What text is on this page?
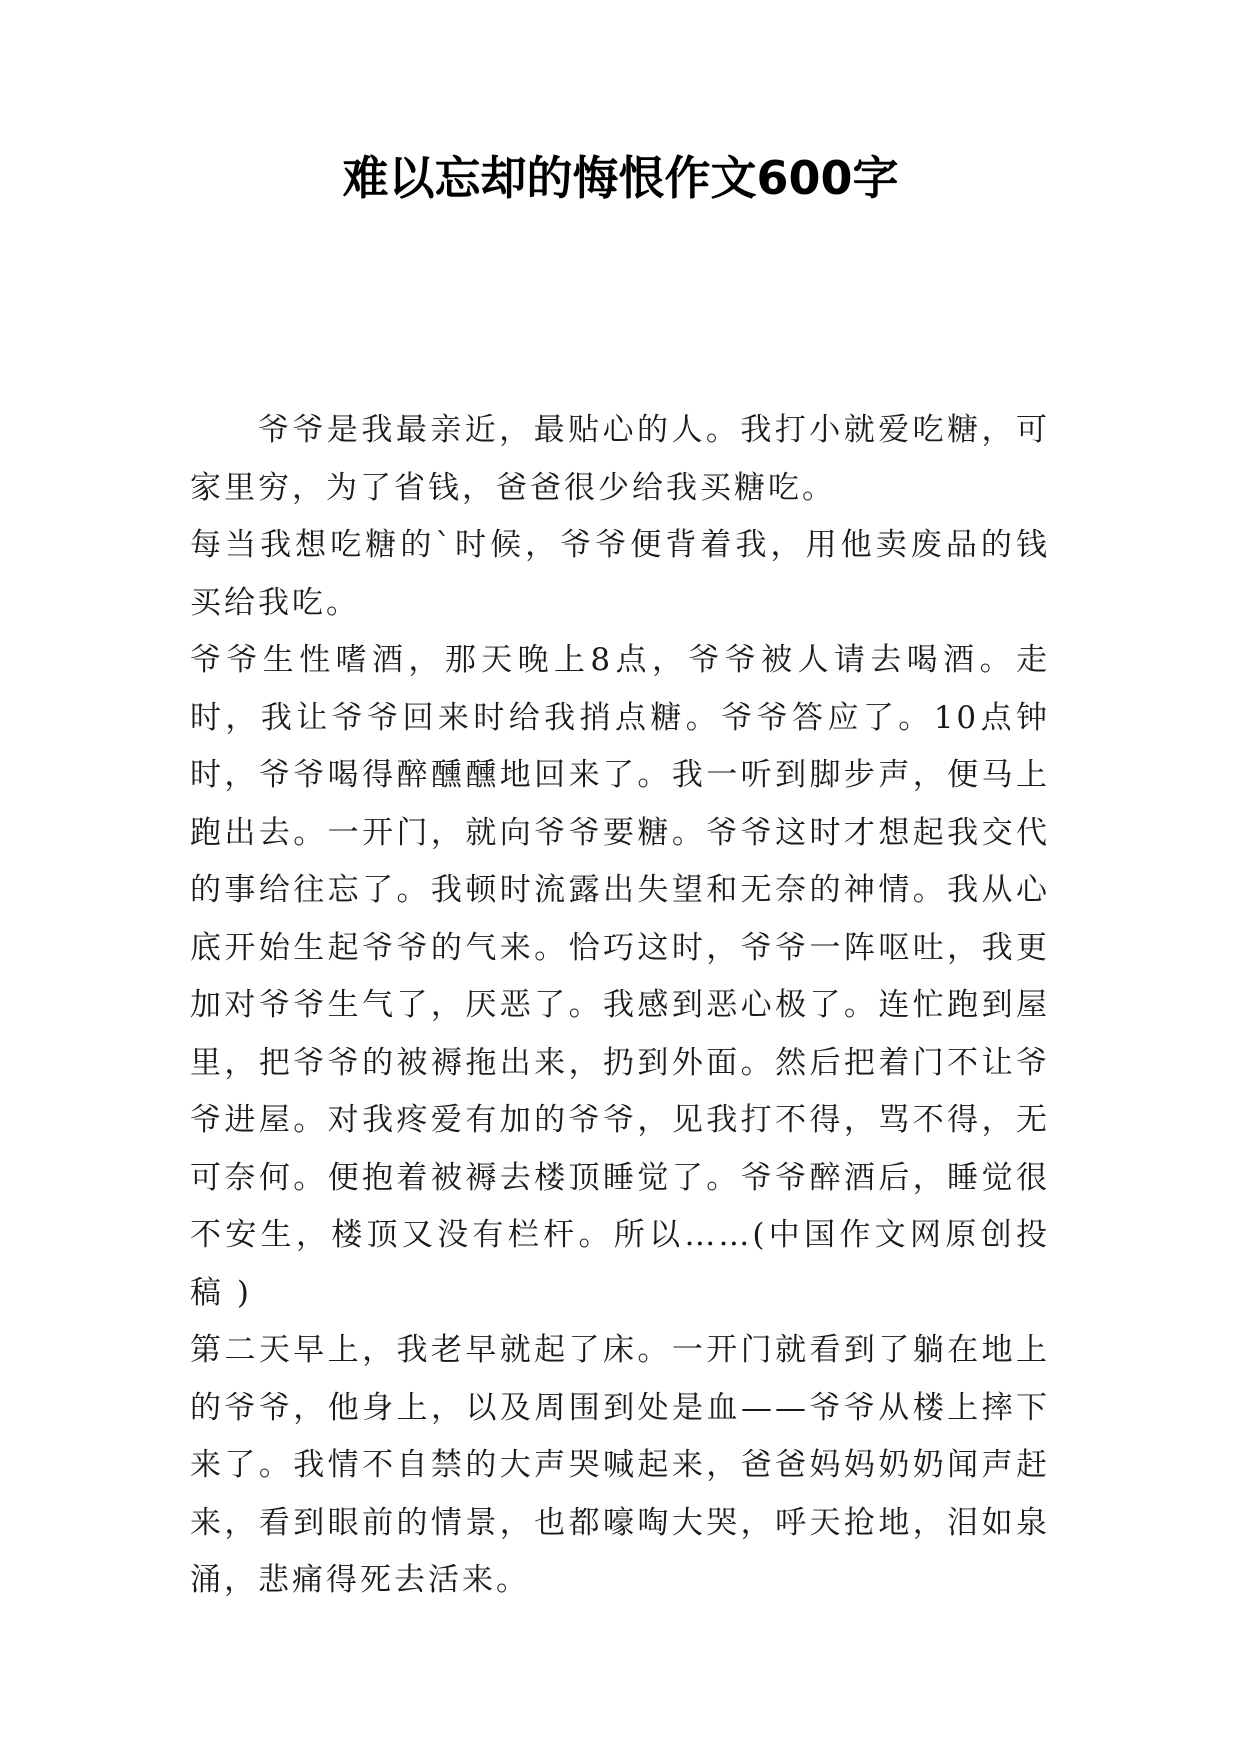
难以忘却的悔恨作文600字

爷爷是我最亲近，最贴心的人。我打小就爱吃糖，可家里穷，为了省钱，爸爸很少给我买糖吃。

每当我想吃糖的`时候，爷爷便背着我，用他卖废品的钱买给我吃。

爷爷生性嗜酒，那天晚上8点，爷爷被人请去喝酒。走时，我让爷爷回来时给我捎点糖。爷爷答应了。10点钟时，爷爷喝得醉醺醺地回来了。我一听到脚步声，便马上跑出去。一开门，就向爷爷要糖。爷爷这时才想起我交代的事给往忘了。我顿时流露出失望和无奈的神情。我从心底开始生起爷爷的气来。恰巧这时，爷爷一阵呕吐，我更加对爷爷生气了，厌恶了。我感到恶心极了。连忙跑到屋里，把爷爷的被褥拖出来，扔到外面。然后把着门不让爷爷进屋。对我疼爱有加的爷爷，见我打不得，骂不得，无可奈何。便抱着被褥去楼顶睡觉了。爷爷醉酒后，睡觉很不安生，楼顶又没有栏杆。所以……(中国作文网原创投稿 )

第二天早上，我老早就起了床。一开门就看到了躺在地上的爷爷，他身上，以及周围到处是血——爷爷从楼上摔下来了。我情不自禁的大声哭喊起来，爸爸妈妈奶奶闻声赶来，看到眼前的情景，也都嚎啕大哭，呼天抢地，泪如泉涌，悲痛得死去活来。
